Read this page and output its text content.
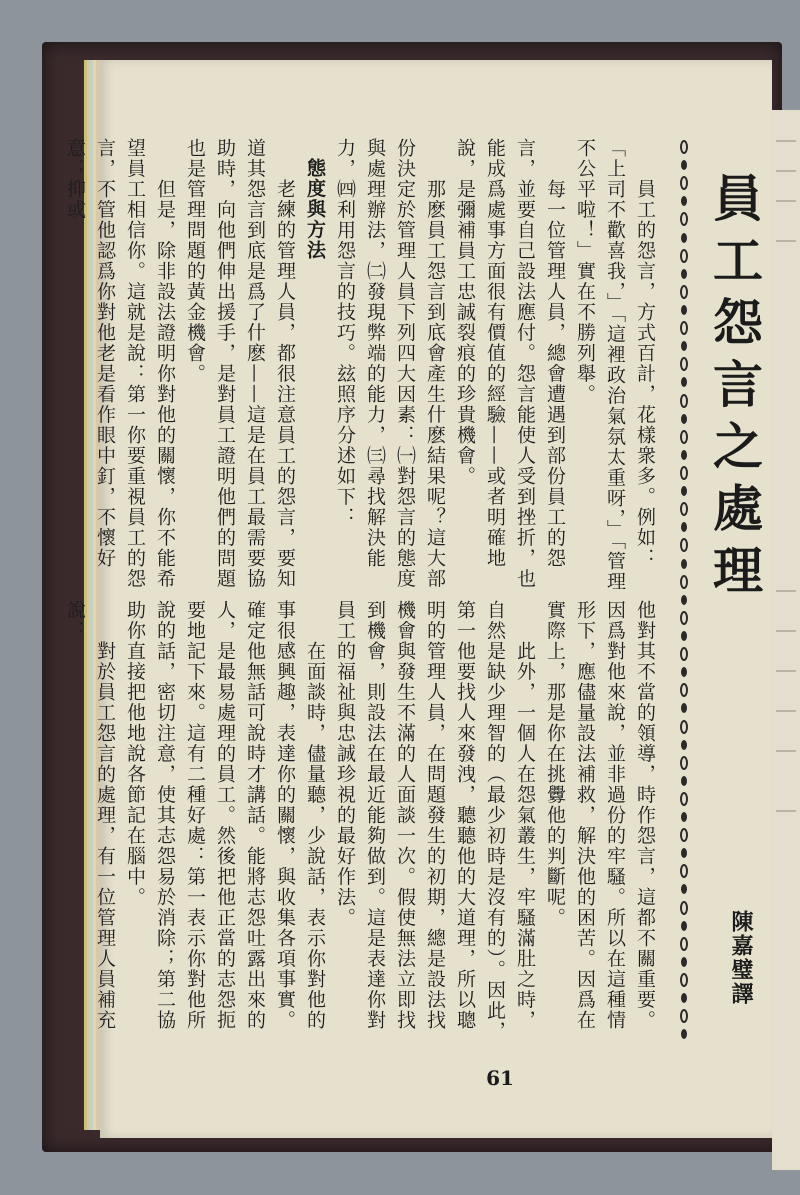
員工怨言之處理
陳嘉璧譯

員工的怨言，方式百計，花樣衆多。例如：「上司不歡喜我，」「這裡政治氣氛太重呀，」「管理不公平啦！」實在不勝列舉。

每一位管理人員，總會遭遇到部份員工的怨言，並要自己設法應付。怨言能使人受到挫折，也能成爲處事方面很有價值的經驗——或者明確地說，是彌補員工忠誠裂痕的珍貴機會。

那麽員工怨言到底會產生什麽結果呢？這大部份決定於管理人員下列四大因素：㈠對怨言的態度與處理辦法，㈡發現弊端的能力，㈢尋找解決能力，㈣利用怨言的技巧。玆照序分述如下：

態度與方法

老練的管理人員，都很注意員工的怨言，要知道其怨言到底是爲了什麽——這是在員工最需要協助時，向他們伸出援手，是對員工證明他們的問題也是管理問題的黃金機會。

但是，除非設法證明你對他的關懷，你不能希望員工相信你。這就是說：第一你要重視員工的怨言，不管他認爲你對他老是看作眼中釘，不懷好意；抑或

他對其不當的領導，時作怨言，這都不關重要。因爲對他來說，並非過份的牢騷。所以在這種情形下，應儘量設法補救，解決他的困苦。因爲在實際上，那是你在挑釁他的判斷呢。

此外，一個人在怨氣叢生，牢騷滿肚之時，自然是缺少理智的（最少初時是沒有的）。因此，第一他要找人來發洩，聽聽他的大道理，所以聰明的管理人員，在問題發生的初期，總是設法找機會與發生不滿的人面談一次。假使無法立即找到機會，則設法在最近能夠做到。這是表達你對員工的福祉與忠誠珍視的最好作法。

在面談時，儘量聽，少說話，表示你對他的事很感興趣，表達你的關懷，與收集各項事實。確定他無話可說時才講話。能將志怨吐露出來的人，是最易處理的員工。然後把他正當的志怨扼要地記下來。這有二種好處：第一表示你對他所說的話，密切注意，使其志怨易於消除；第二協助你直接把他地說各節記在腦中。

對於員工怨言的處理，有一位管理人員補充說：

61
